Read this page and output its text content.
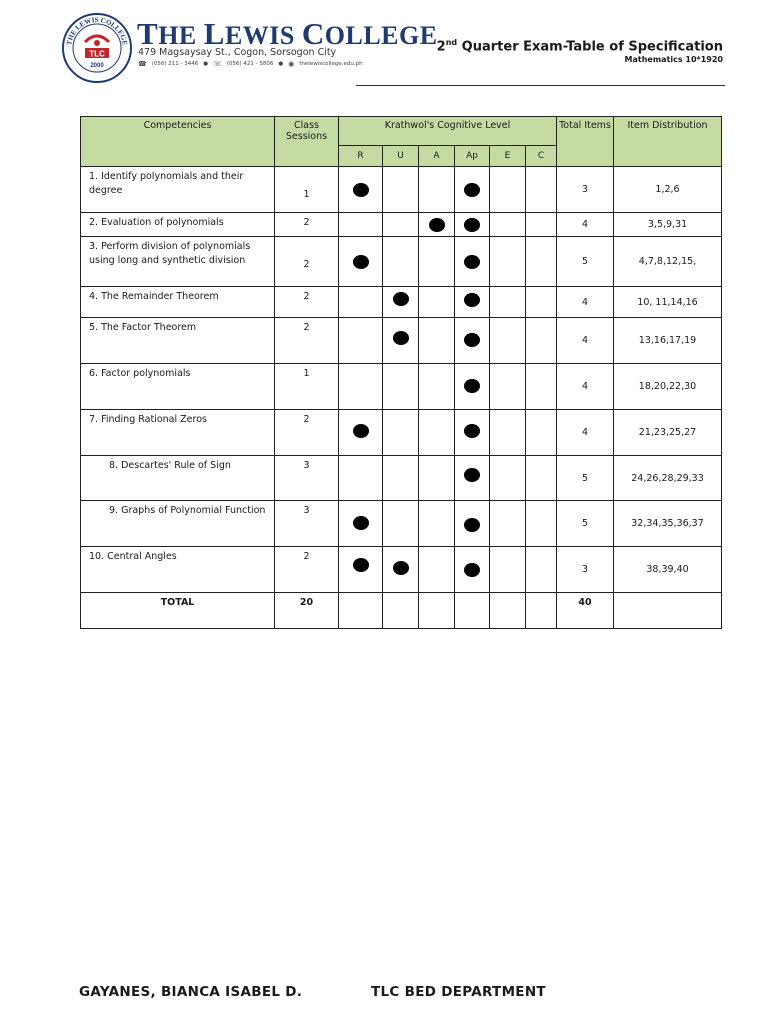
THE LEWIS COLLEGE
TLC
2000
THE LEWIS COLLEGE
479 Magsaysay St., Cogon, Sorsogon City
☎ (056) 211 - 3446 ● ☏ (056) 421 - 5806 ● ◉ thelewiscollege.edu.ph
2nd Quarter Exam-Table of Specification
Mathematics 10*1920
Competencies	Class Sessions	Krathwol's Cognitive Level						Total Items	Item Distribution
		R	U	A	Ap	E	C		
1. Identify polynomials and their degree	1							3	1,2,6
2. Evaluation of polynomials	2							4	3,5,9,31
3. Perform division of polynomials using long and synthetic division	2							5	4,7,8,12,15,
4. The Remainder Theorem	2							4	10, 11,14,16
5. The Factor Theorem	2							4	13,16,17,19
6. Factor polynomials	1							4	18,20,22,30
7. Finding Rational Zeros	2							4	21,23,25,27
8. Descartes' Rule of Sign	3							5	24,26,28,29,33
9. Graphs of Polynomial Function	3							5	32,34,35,36,37
10. Central Angles	2							3	38,39,40
TOTAL	20							40	
GAYANES, BIANCA ISABEL D.	TLC BED DEPARTMENT
